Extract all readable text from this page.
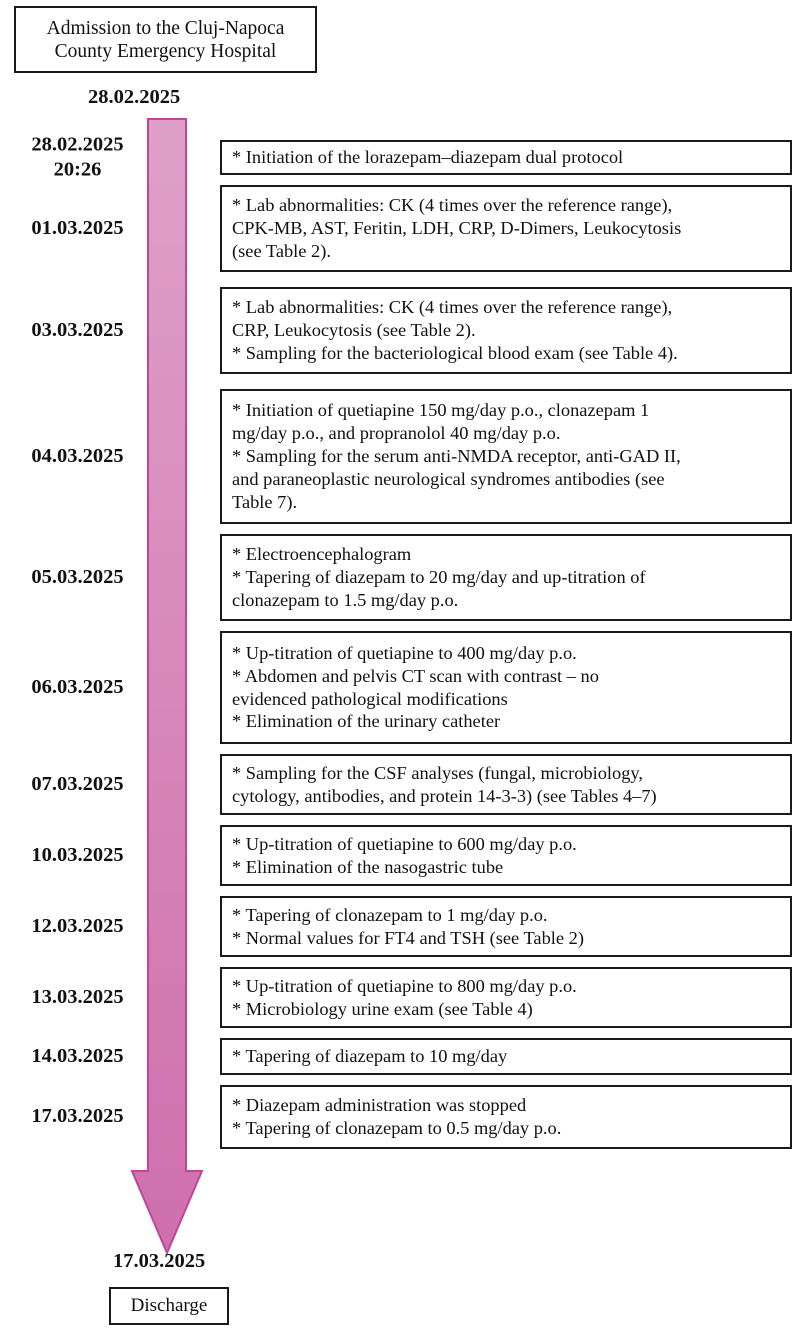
Admission to the Cluj-Napoca
County Emergency Hospital
28.02.2025
28.02.2025
20:26
01.03.2025
03.03.2025
04.03.2025
05.03.2025
06.03.2025
07.03.2025
10.03.2025
12.03.2025
13.03.2025
14.03.2025
17.03.2025
* Initiation of the lorazepam–diazepam dual protocol
* Lab abnormalities: CK (4 times over the reference range),
CPK-MB, AST, Feritin, LDH, CRP, D-Dimers, Leukocytosis
(see Table 2).
* Lab abnormalities: CK (4 times over the reference range),
CRP, Leukocytosis (see Table 2).
* Sampling for the bacteriological blood exam (see Table 4).
* Initiation of quetiapine 150 mg/day p.o., clonazepam 1
mg/day p.o., and propranolol 40 mg/day p.o.
* Sampling for the serum anti-NMDA receptor, anti-GAD II,
and paraneoplastic neurological syndromes antibodies (see
Table 7).
* Electroencephalogram
* Tapering of diazepam to 20 mg/day and up-titration of
clonazepam to 1.5 mg/day p.o.
* Up-titration of quetiapine to 400 mg/day p.o.
* Abdomen and pelvis CT scan with contrast – no
evidenced pathological modifications
* Elimination of the urinary catheter
* Sampling for the CSF analyses (fungal, microbiology,
cytology, antibodies, and protein 14-3-3) (see Tables 4–7)
* Up-titration of quetiapine to 600 mg/day p.o.
* Elimination of the nasogastric tube
* Tapering of clonazepam to 1 mg/day p.o.
* Normal values for FT4 and TSH (see Table 2)
* Up-titration of quetiapine to 800 mg/day p.o.
* Microbiology urine exam (see Table 4)
* Tapering of diazepam to 10 mg/day
* Diazepam administration was stopped
* Tapering of clonazepam to 0.5 mg/day p.o.
17.03.2025
Discharge
